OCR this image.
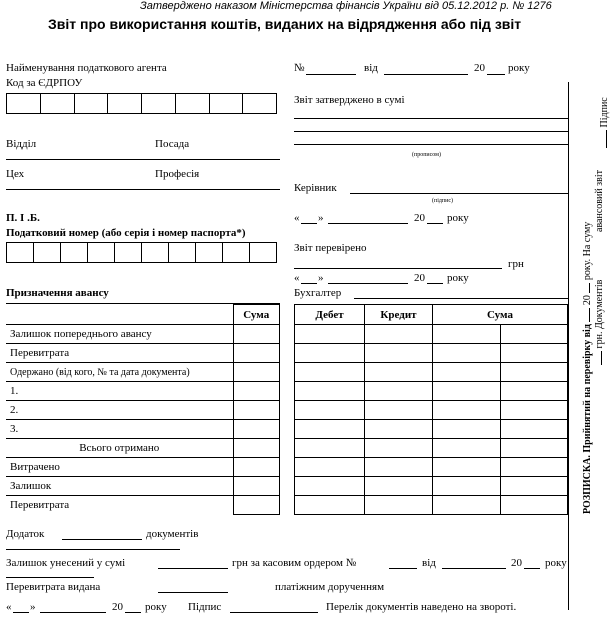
Затверджено наказом Міністерства фінансів України від 05.12.2012 р. № 1276
Звіт про використання коштів, виданих на відрядження або під звіт
Найменування податкового агента
Код за ЄДРПОУ

Відділ	Посада
Цех	Професія
П. І .Б.
Податковий номер (або серія і номер паспорта*)

Призначення авансу
	Сума
Залишок попереднього авансу	
Перевитрата	
Одержано (від кого, № та дата документа)	
1.	
2.	
3.	
Всього отримано	
Витрачено	
Залишок	
Перевитрата	
№	від	20 року
Звіт затверджено в сумі
(прописом)
Керівник
(підпис)
« »	20 року
Звіт перевірено
грн
« »	20 року
Бухгалтер
Дебет	Кредит	Сума	

Додаток	документів
Залишок унесений у сумі	грн за касовим ордером №	від	20 року
Перевитрата видана	платіжним дорученням
« »	20 року Підпис	Перелік документів наведено на звороті.
РОЗПИСКА. Прийнятий на перевірку від  20  року. На суму
авансовий звіт
грн. Документів
Підпис
